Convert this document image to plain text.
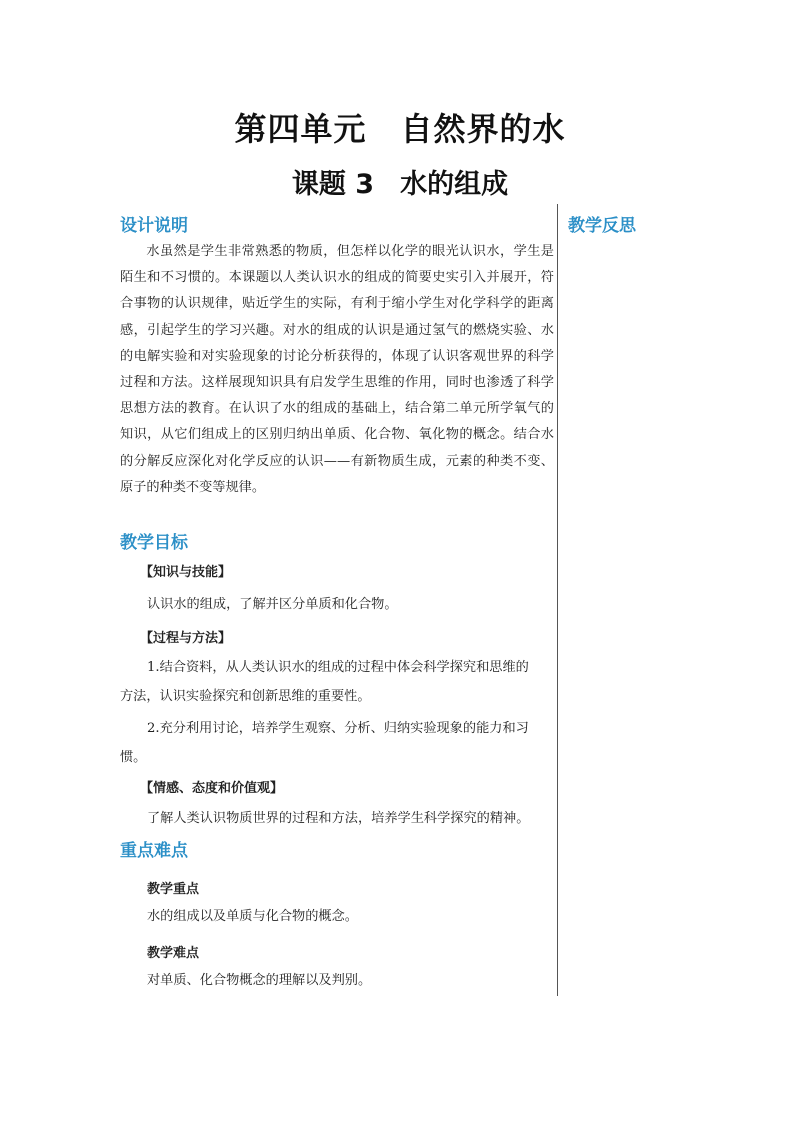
第四单元 自然界的水
课题 3 水的组成
教学反思
设计说明

水虽然是学生非常熟悉的物质，但怎样以化学的眼光认识水，学生是陌生和不习惯的。本课题以人类认识水的组成的简要史实引入并展开，符合事物的认识规律，贴近学生的实际，有利于缩小学生对化学科学的距离感，引起学生的学习兴趣。对水的组成的认识是通过氢气的燃烧实验、水的电解实验和对实验现象的讨论分析获得的，体现了认识客观世界的科学过程和方法。这样展现知识具有启发学生思维的作用，同时也渗透了科学思想方法的教育。在认识了水的组成的基础上，结合第二单元所学氧气的知识，从它们组成上的区别归纳出单质、化合物、氧化物的概念。结合水的分解反应深化对化学反应的认识——有新物质生成，元素的种类不变、原子的种类不变等规律。

教学目标
【知识与技能】

认识水的组成，了解并区分单质和化合物。

【过程与方法】

1.结合资料，从人类认识水的组成的过程中体会科学探究和思维的

方法，认识实验探究和创新思维的重要性。

2.充分利用讨论，培养学生观察、分析、归纳实验现象的能力和习

惯。

【情感、态度和价值观】

了解人类认识物质世界的过程和方法，培养学生科学探究的精神。

重点难点
教学重点

水的组成以及单质与化合物的概念。

教学难点

对单质、化合物概念的理解以及判别。
